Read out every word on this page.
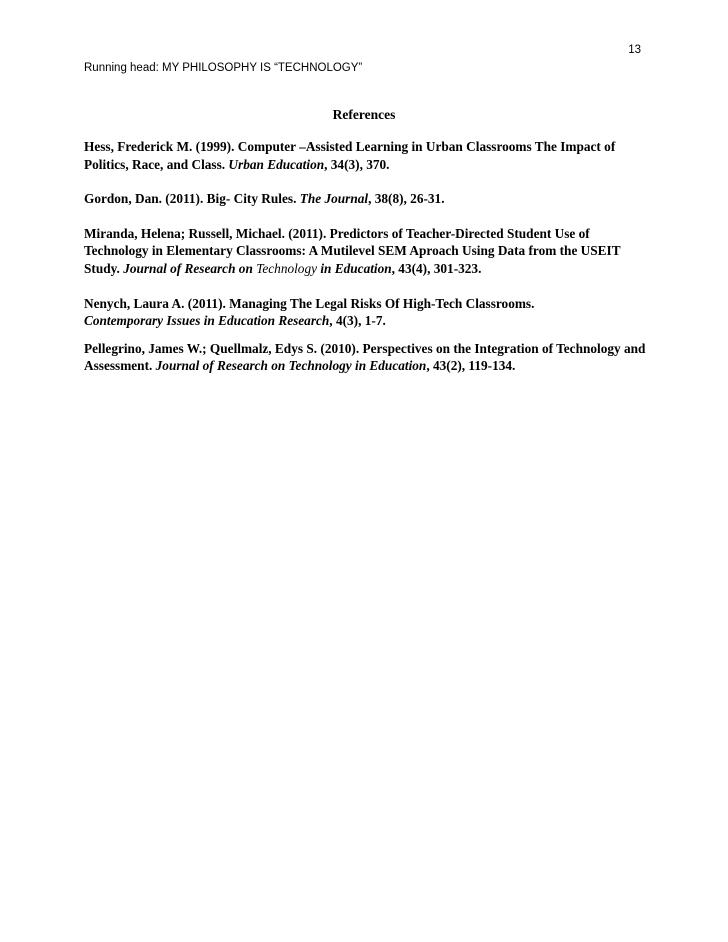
13

Running head: MY PHILOSOPHY IS “TECHNOLOGY”

References
Hess, Frederick M. (1999). Computer –Assisted Learning in Urban Classrooms The Impact of Politics, Race, and Class. Urban Education, 34(3), 370.
Gordon, Dan. (2011). Big- City Rules. The Journal, 38(8), 26-31.
Miranda, Helena; Russell, Michael. (2011). Predictors of Teacher-Directed Student Use of Technology in Elementary Classrooms: A Mutilevel SEM Aproach Using Data from the USEIT Study. Journal of Research on Technology in Education, 43(4), 301-323.
Nenych, Laura A. (2011). Managing The Legal Risks Of High-Tech Classrooms.
Contemporary Issues in Education Research, 4(3), 1-7.
Pellegrino, James W.; Quellmalz, Edys S. (2010). Perspectives on the Integration of Technology and Assessment. Journal of Research on Technology in Education, 43(2), 119-134.
